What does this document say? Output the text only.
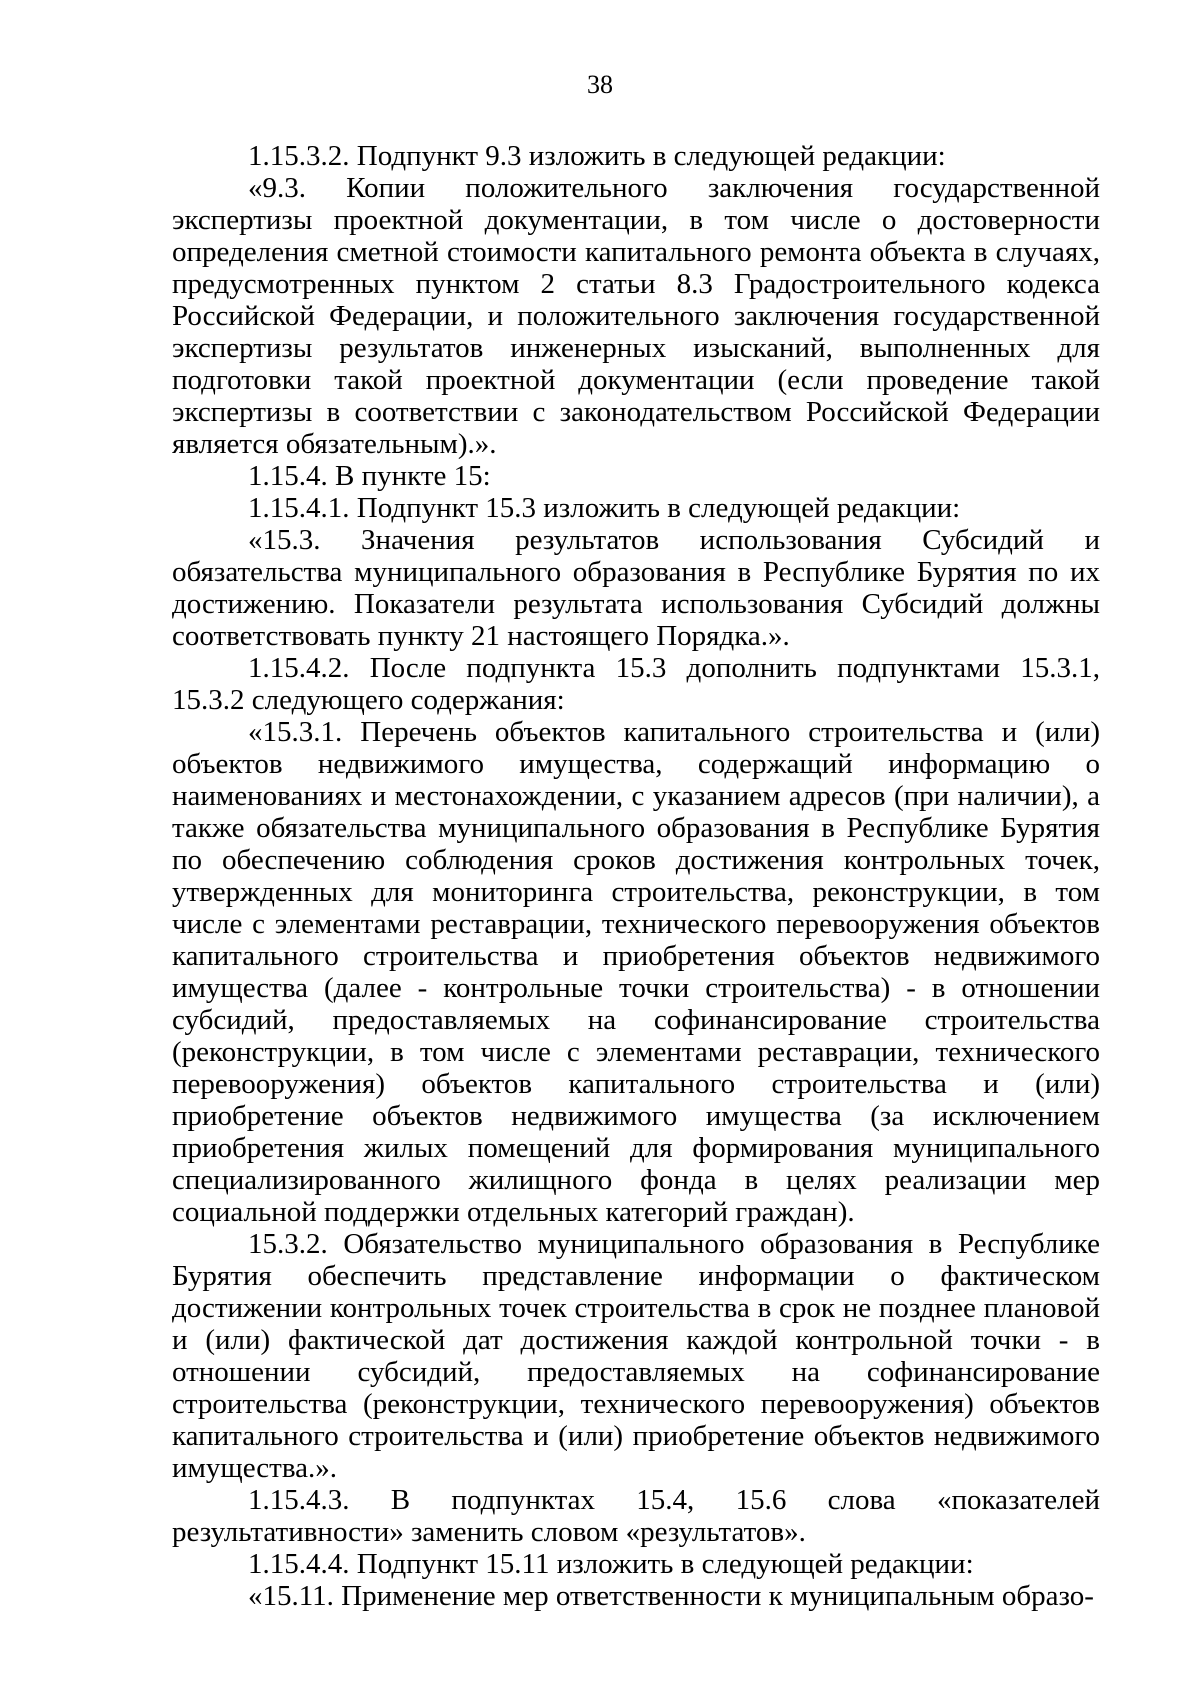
38

1.15.3.2. Подпункт 9.3 изложить в следующей редакции:

«9.3. Копии положительного заключения государственной экспертизы проектной документации, в том числе о достоверности определения сметной стоимости капитального ремонта объекта в случаях, предусмотренных пунктом 2 статьи 8.3 Градостроительного кодекса Российской Федерации, и положительного заключения государственной экспертизы результатов инженерных изысканий, выполненных для подготовки такой проектной документации (если проведение такой экспертизы в соответствии с законодательством Российской Федерации является обязательным).».

1.15.4. В пункте 15:

1.15.4.1. Подпункт 15.3 изложить в следующей редакции:

«15.3. Значения результатов использования Субсидий и обязательства муниципального образования в Республике Бурятия по их достижению. Показатели результата использования Субсидий должны соответствовать пункту 21 настоящего Порядка.».

1.15.4.2. После подпункта 15.3 дополнить подпунктами 15.3.1, 15.3.2 следующего содержания:

«15.3.1. Перечень объектов капитального строительства и (или) объектов недвижимого имущества, содержащий информацию о наименованиях и местонахождении, с указанием адресов (при наличии), а также обязательства муниципального образования в Республике Бурятия по обеспечению соблюдения сроков достижения контрольных точек, утвержденных для мониторинга строительства, реконструкции, в том числе с элементами реставрации, технического перевооружения объектов капитального строительства и приобретения объектов недвижимого имущества (далее - контрольные точки строительства) - в отношении субсидий, предоставляемых на софинансирование строительства (реконструкции, в том числе с элементами реставрации, технического перевооружения) объектов капитального строительства и (или) приобретение объектов недвижимого имущества (за исключением приобретения жилых помещений для формирования муниципального специализированного жилищного фонда в целях реализации мер социальной поддержки отдельных категорий граждан).

15.3.2. Обязательство муниципального образования в Республике Бурятия обеспечить представление информации о фактическом достижении контрольных точек строительства в срок не позднее плановой и (или) фактической дат достижения каждой контрольной точки - в отношении субсидий, предоставляемых на софинансирование строительства (реконструкции, технического перевооружения) объектов капитального строительства и (или) приобретение объектов недвижимого имущества.».

1.15.4.3. В подпунктах 15.4, 15.6 слова «показателей результативности» заменить словом «результатов».

1.15.4.4. Подпункт 15.11 изложить в следующей редакции:

«15.11. Применение мер ответственности к муниципальным образо-
